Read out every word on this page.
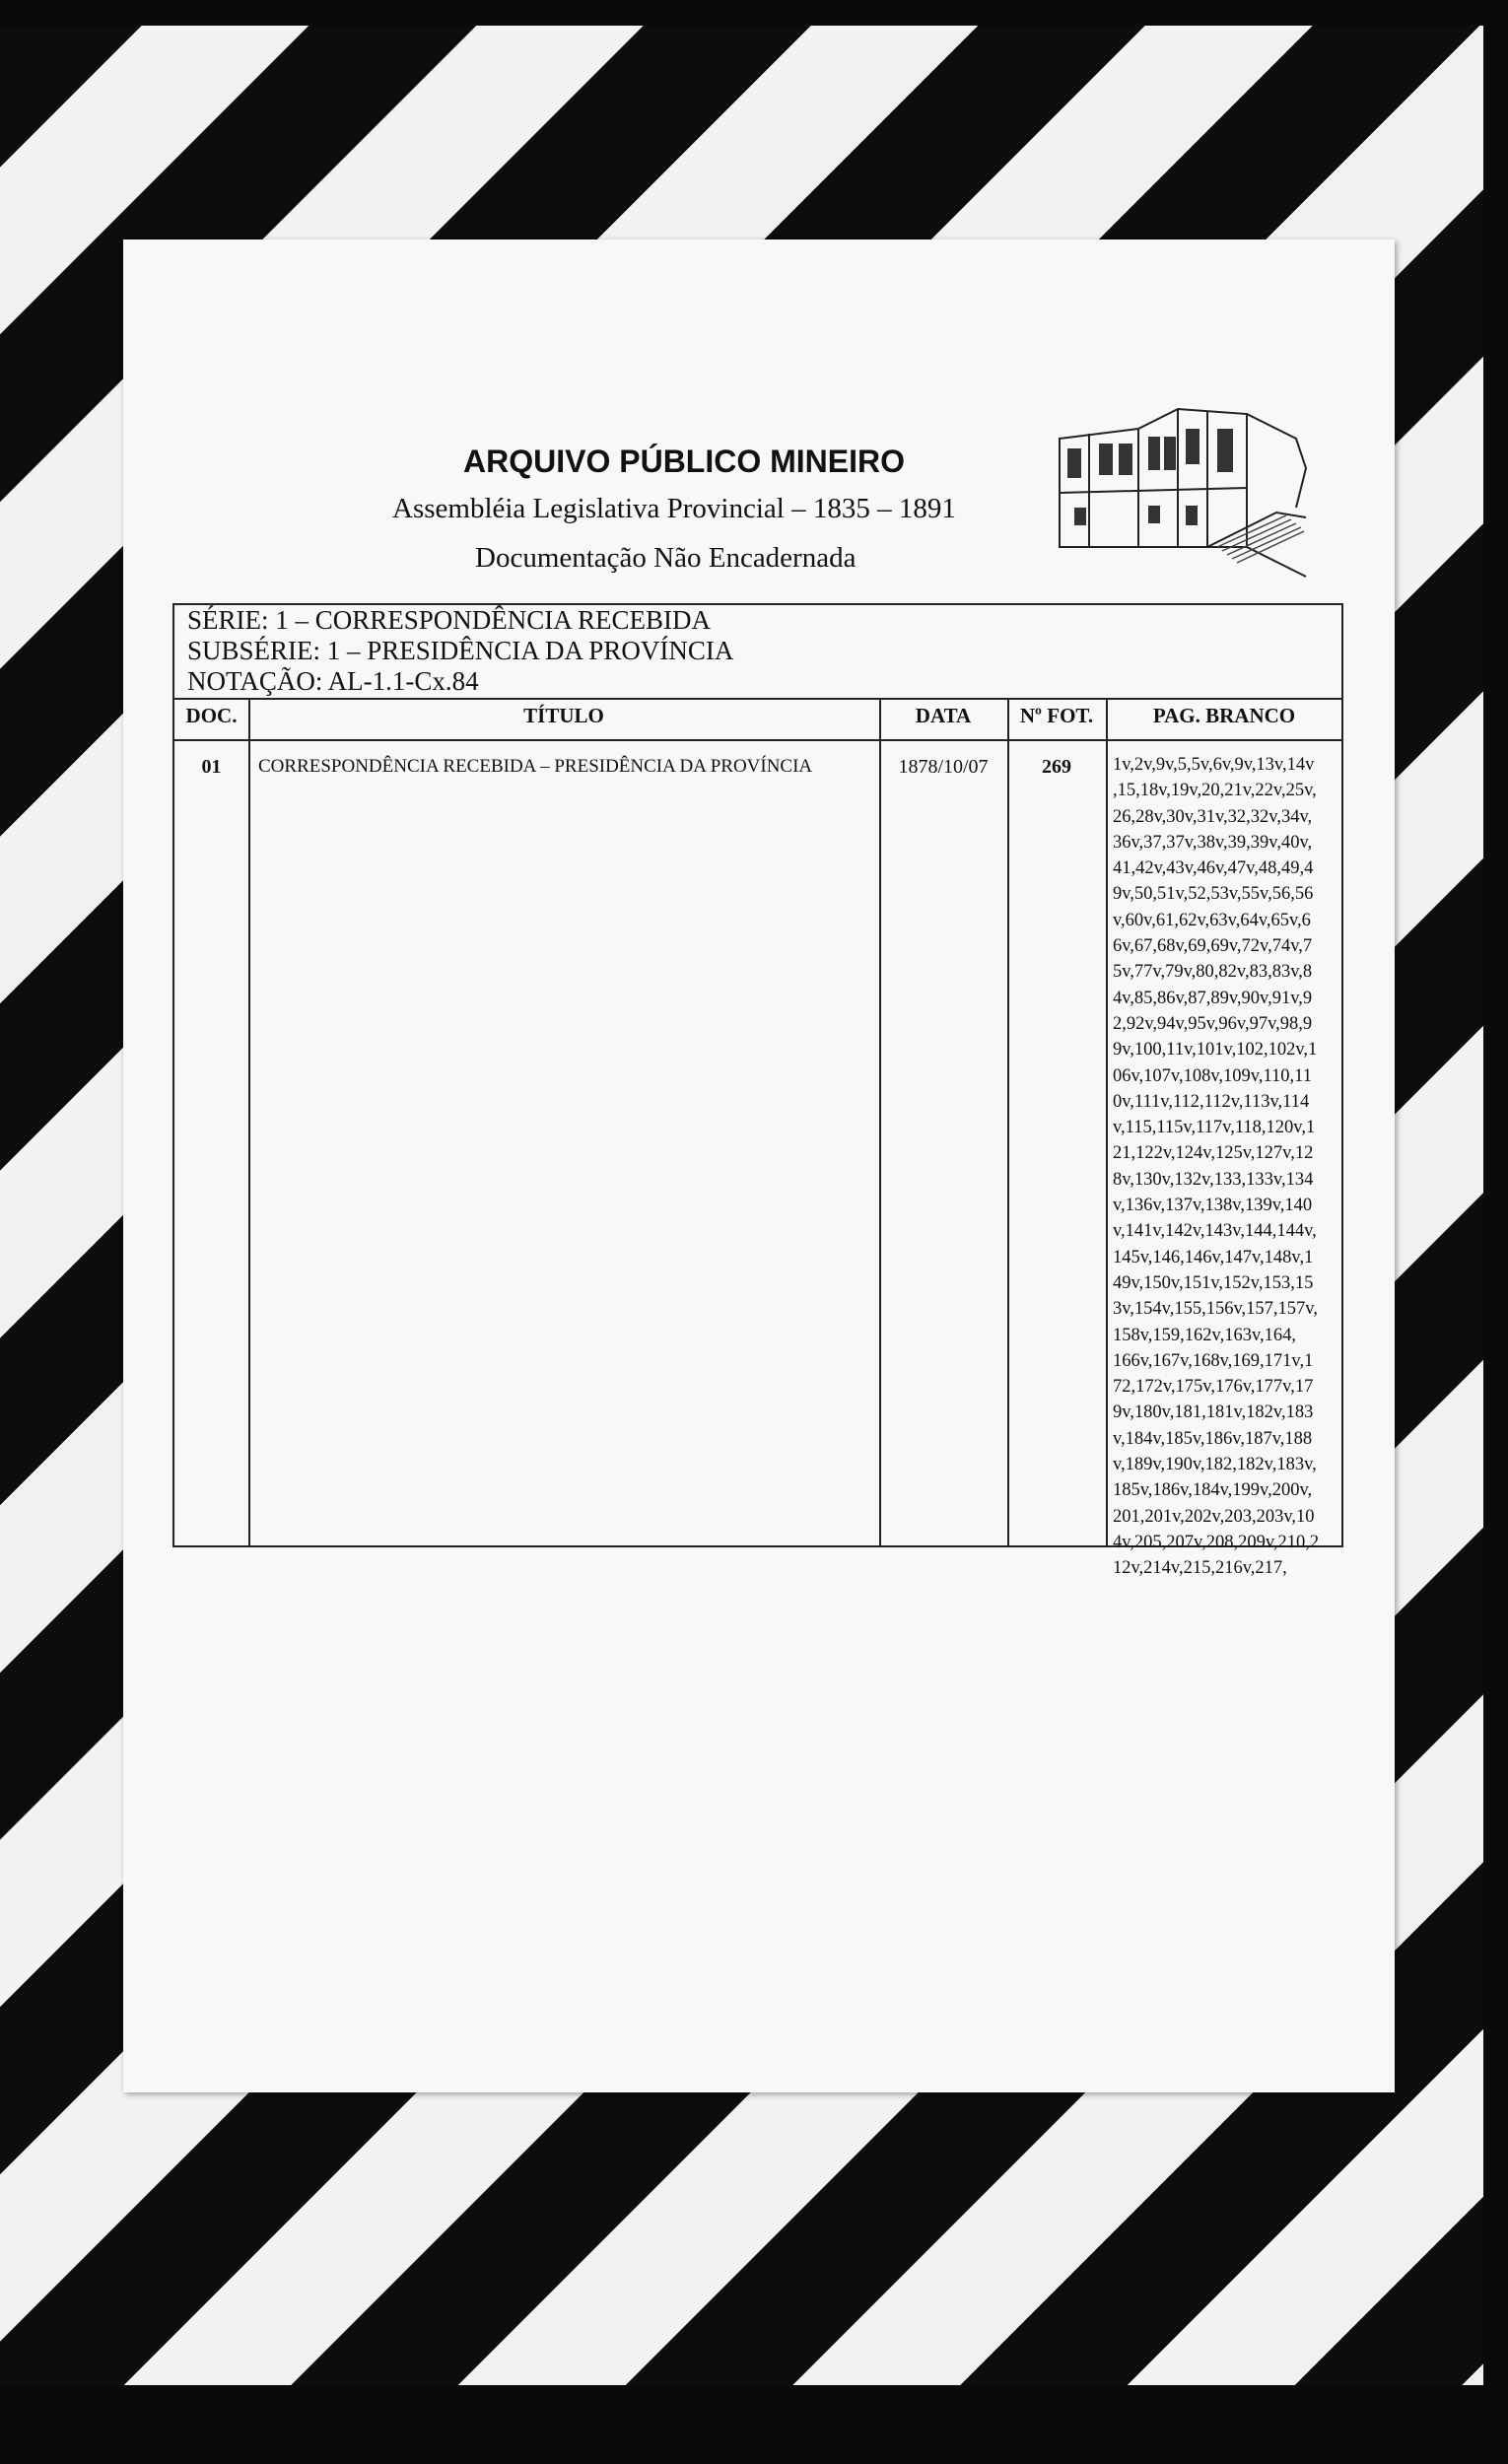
ARQUIVO PÚBLICO MINEIRO
Assembléia Legislativa Provincial – 1835 – 1891
Documentação Não Encadernada
SÉRIE: 1 – CORRESPONDÊNCIA RECEBIDA
SUBSÉRIE: 1 – PRESIDÊNCIA DA PROVÍNCIA
NOTAÇÃO: AL-1.1-Cx.84
DOC.	TÍTULO	DATA	Nº FOT.	PAG. BRANCO
01	CORRESPONDÊNCIA RECEBIDA – PRESIDÊNCIA DA PROVÍNCIA	1878/10/07	269	1v,2v,9v,5,5v,6v,9v,13v,14v
,15,18v,19v,20,21v,22v,25v,
26,28v,30v,31v,32,32v,34v,
36v,37,37v,38v,39,39v,40v,
41,42v,43v,46v,47v,48,49,4
9v,50,51v,52,53v,55v,56,56
v,60v,61,62v,63v,64v,65v,6
6v,67,68v,69,69v,72v,74v,7
5v,77v,79v,80,82v,83,83v,8
4v,85,86v,87,89v,90v,91v,9
2,92v,94v,95v,96v,97v,98,9
9v,100,11v,101v,102,102v,1
06v,107v,108v,109v,110,11
0v,111v,112,112v,113v,114
v,115,115v,117v,118,120v,1
21,122v,124v,125v,127v,12
8v,130v,132v,133,133v,134
v,136v,137v,138v,139v,140
v,141v,142v,143v,144,144v,
145v,146,146v,147v,148v,1
49v,150v,151v,152v,153,15
3v,154v,155,156v,157,157v,
158v,159,162v,163v,164,
166v,167v,168v,169,171v,1
72,172v,175v,176v,177v,17
9v,180v,181,181v,182v,183
v,184v,185v,186v,187v,188
v,189v,190v,182,182v,183v,
185v,186v,184v,199v,200v,
201,201v,202v,203,203v,10
4v,205,207v,208,209v,210,2
12v,214v,215,216v,217,
